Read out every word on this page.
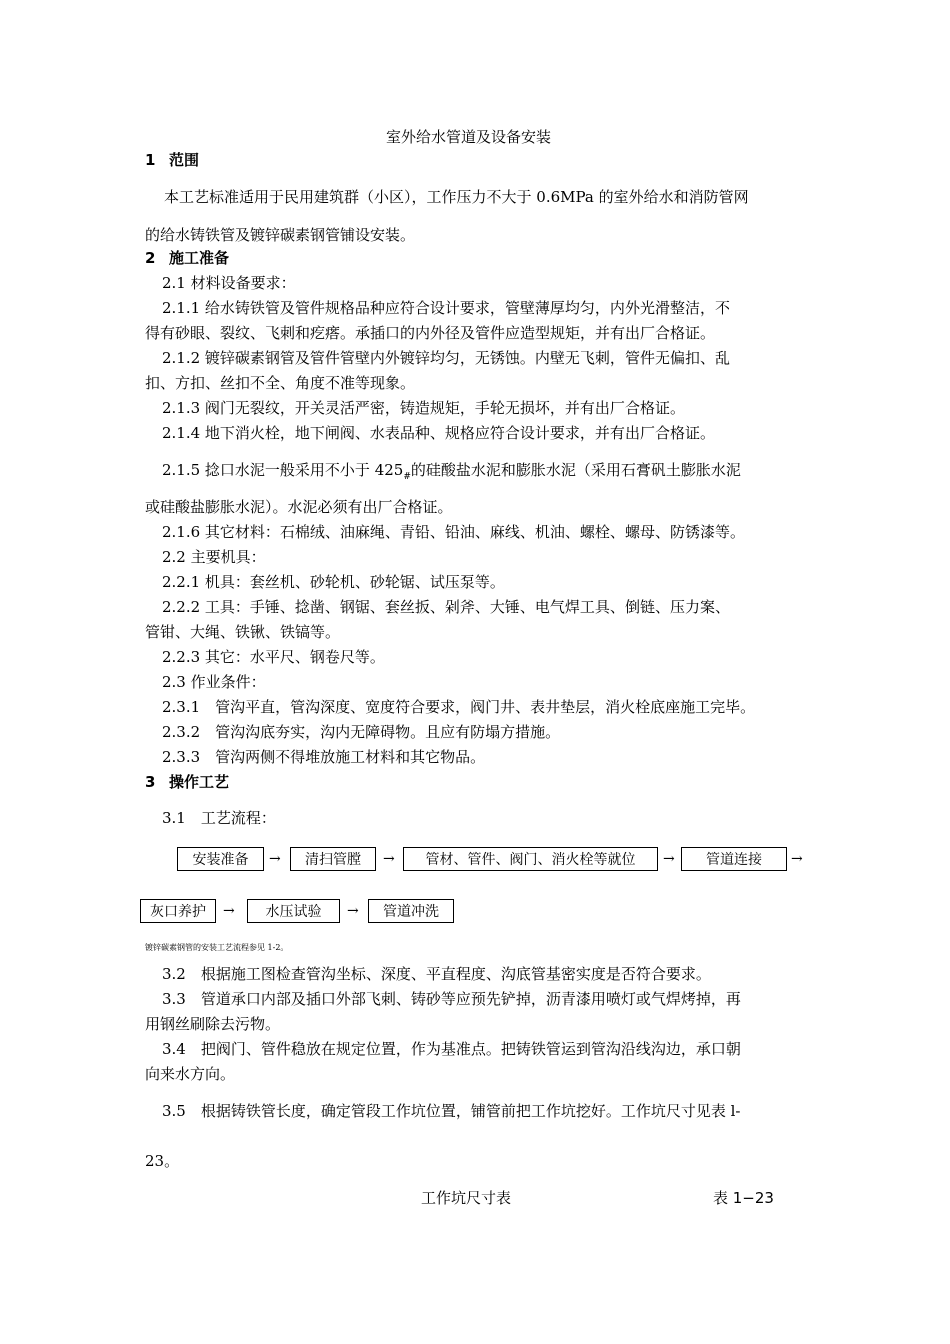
室外给水管道及设备安装
1 范围
本工艺标准适用于民用建筑群（小区），工作压力不大于 0.6MPa 的室外给水和消防管网
的给水铸铁管及镀锌碳素钢管铺设安装。
2 施工准备
2.1 材料设备要求：
2.1.1 给水铸铁管及管件规格品种应符合设计要求，管壁薄厚均匀，内外光滑整洁，不
得有砂眼、裂纹、飞刺和疙瘩。承插口的内外径及管件应造型规矩，并有出厂合格证。
2.1.2 镀锌碳素钢管及管件管壁内外镀锌均匀，无锈蚀。内壁无飞刺，管件无偏扣、乱
扣、方扣、丝扣不全、角度不准等现象。
2.1.3 阀门无裂纹，开关灵活严密，铸造规矩，手轮无损坏，并有出厂合格证。
2.1.4 地下消火栓，地下闸阀、水表品种、规格应符合设计要求，并有出厂合格证。
2.1.5 捻口水泥一般采用不小于 $425_{\#}$的硅酸盐水泥和膨胀水泥（采用石膏矾土膨胀水泥
或硅酸盐膨胀水泥）。水泥必须有出厂合格证。
2.1.6 其它材料：石棉绒、油麻绳、青铅、铅油、麻线、机油、螺栓、螺母、防锈漆等。
2.2 主要机具：
2.2.1 机具：套丝机、砂轮机、砂轮锯、试压泵等。
2.2.2 工具：手锤、捻凿、钢锯、套丝扳、剁斧、大锤、电气焊工具、倒链、压力案、
管钳、大绳、铁锹、铁镐等。
2.2.3 其它：水平尺、钢卷尺等。
2.3 作业条件：
2.3.1　管沟平直，管沟深度、宽度符合要求，阀门井、表井垫层，消火栓底座施工完毕。
2.3.2　管沟沟底夯实，沟内无障碍物。且应有防塌方措施。
2.3.3　管沟两侧不得堆放施工材料和其它物品。
3 操作工艺
3.1　工艺流程：
安装准备	→	清扫管膛	→	管材、管件、阀门、消火栓等就位	→	管道连接	→
灰口养护	→	水压试验	→	管道冲洗
镀锌碳素钢管的安装工艺流程参见 1-2。
3.2　根据施工图检查管沟坐标、深度、平直程度、沟底管基密实度是否符合要求。
3.3　管道承口内部及插口外部飞刺、铸砂等应预先铲掉，沥青漆用喷灯或气焊烤掉，再
用钢丝刷除去污物。
3.4　把阀门、管件稳放在规定位置，作为基准点。把铸铁管运到管沟沿线沟边，承口朝
向来水方向。
3.5　根据铸铁管长度，确定管段工作坑位置，铺管前把工作坑挖好。工作坑尺寸见表 l-
23。
工作坑尺寸表	表 1−23
